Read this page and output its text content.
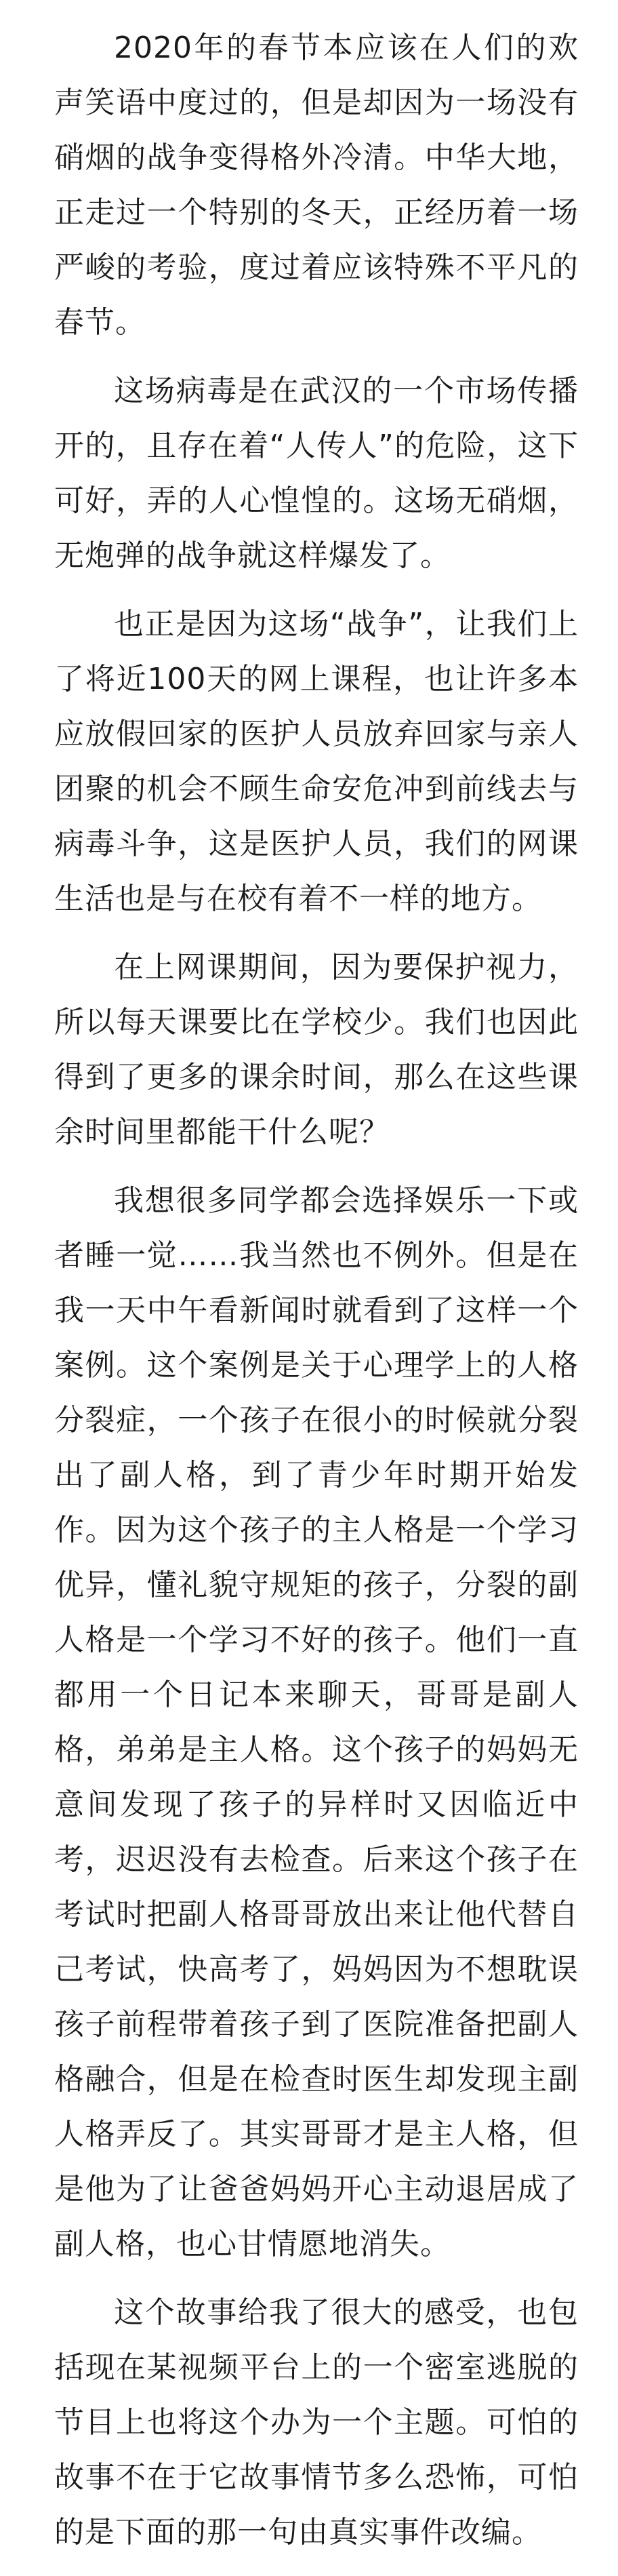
2020年的春节本应该在人们的欢声笑语中度过的，但是却因为一场没有硝烟的战争变得格外冷清。中华大地，正走过一个特别的冬天，正经历着一场严峻的考验，度过着应该特殊不平凡的春节。

这场病毒是在武汉的一个市场传播开的，且存在着“人传人”的危险，这下可好，弄的人心惶惶的。这场无硝烟，无炮弹的战争就这样爆发了。

也正是因为这场“战争”，让我们上了将近100天的网上课程，也让许多本应放假回家的医护人员放弃回家与亲人团聚的机会不顾生命安危冲到前线去与病毒斗争，这是医护人员，我们的网课生活也是与在校有着不一样的地方。

在上网课期间，因为要保护视力，所以每天课要比在学校少。我们也因此得到了更多的课余时间，那么在这些课余时间里都能干什么呢？

我想很多同学都会选择娱乐一下或者睡一觉……我当然也不例外。但是在我一天中午看新闻时就看到了这样一个案例。这个案例是关于心理学上的人格分裂症，一个孩子在很小的时候就分裂出了副人格，到了青少年时期开始发作。因为这个孩子的主人格是一个学习优异，懂礼貌守规矩的孩子，分裂的副人格是一个学习不好的孩子。他们一直都用一个日记本来聊天，哥哥是副人格，弟弟是主人格。这个孩子的妈妈无意间发现了孩子的异样时又因临近中考，迟迟没有去检查。后来这个孩子在考试时把副人格哥哥放出来让他代替自己考试，快高考了，妈妈因为不想耽误孩子前程带着孩子到了医院准备把副人格融合，但是在检查时医生却发现主副人格弄反了。其实哥哥才是主人格，但是他为了让爸爸妈妈开心主动退居成了副人格，也心甘情愿地消失。

这个故事给我了很大的感受，也包括现在某视频平台上的一个密室逃脱的节目上也将这个办为一个主题。可怕的故事不在于它故事情节多么恐怖，可怕的是下面的那一句由真实事件改编。
